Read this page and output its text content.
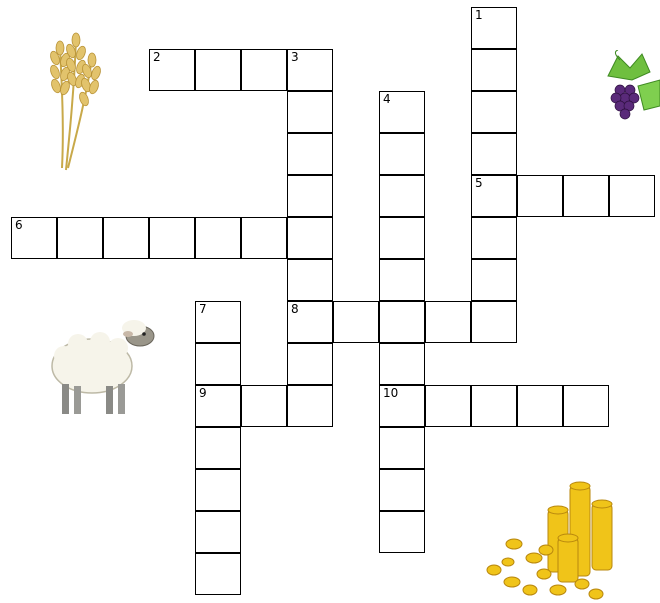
1
5
2	3
8
4
10
6
7
9
